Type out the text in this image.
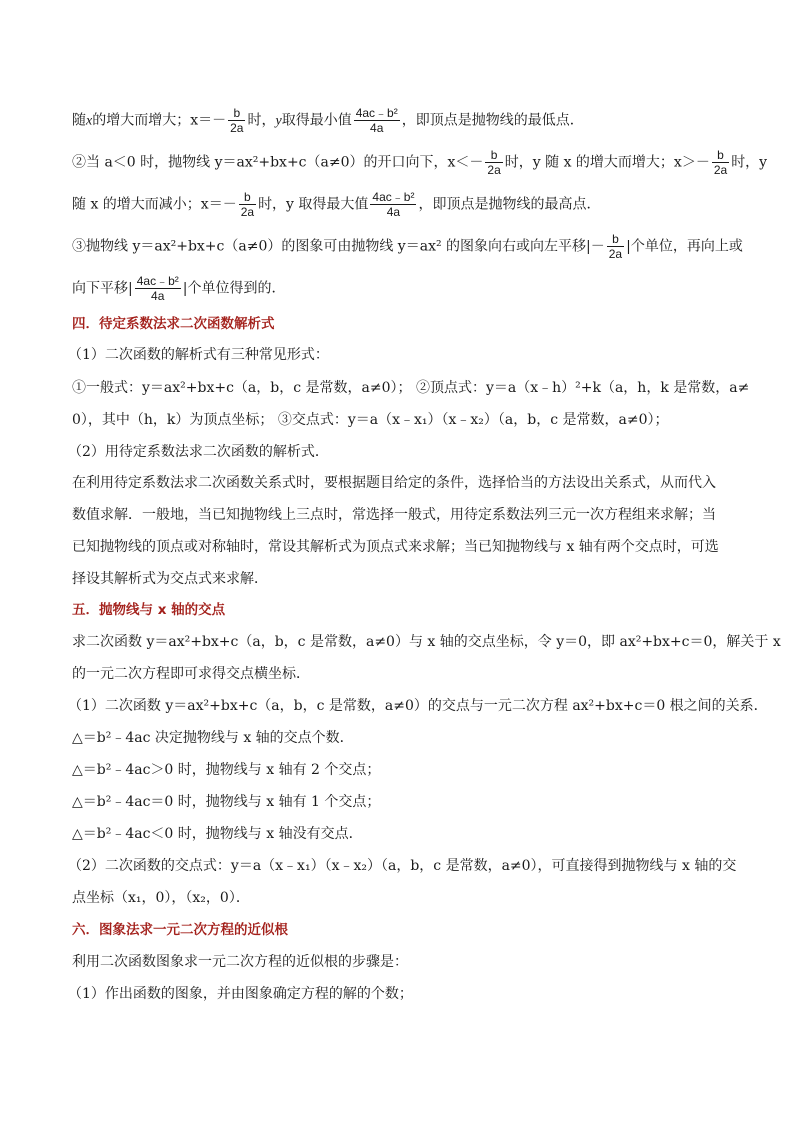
随x的增大而增大；$x=- \frac{b}{2a}$ 时，y取得最小值 $\frac{\text{4ac﹣b²}}{4a}$ ，即顶点是抛物线的最低点．
②当 a＜0 时，抛物线 y＝ax²+bx+c（a≠0）的开口向下，$x<- \frac{b}{2a}$ 时，y 随 x 的增大而增大；$x>- \frac{b}{2a}$ 时，y
随 x 的增大而减小；$x=- \frac{b}{2a}$ 时，y 取得最大值 $\frac{\text{4ac﹣b²}}{4a}$ ，即顶点是抛物线的最高点．
③抛物线 y＝ax²+bx+c（a≠0）的图象可由抛物线 y＝ax² 的图象向右或向左平移|－ $\frac{b}{2a}$ |个单位，再向上或
向下平移| $\frac{\text{4ac﹣b²}}{4a}$ |个单位得到的．
四．待定系数法求二次函数解析式
（1）二次函数的解析式有三种常见形式：
①一般式：y＝ax²+bx+c（a，b，c 是常数，a≠0）； ②顶点式：y＝a（x﹣h）²+k（a，h，k 是常数，a≠
0），其中（h，k）为顶点坐标； ③交点式：y＝a（x﹣x₁）（x﹣x₂）（a，b，c 是常数，a≠0）；
（2）用待定系数法求二次函数的解析式．
在利用待定系数法求二次函数关系式时，要根据题目给定的条件，选择恰当的方法设出关系式，从而代入
数值求解．一般地，当已知抛物线上三点时，常选择一般式，用待定系数法列三元一次方程组来求解；当
已知抛物线的顶点或对称轴时，常设其解析式为顶点式来求解；当已知抛物线与 x 轴有两个交点时，可选
择设其解析式为交点式来求解．
五．抛物线与 x 轴的交点
求二次函数 y＝ax²+bx+c（a，b，c 是常数，a≠0）与 x 轴的交点坐标，令 y＝0，即 ax²+bx+c＝0，解关于 x
的一元二次方程即可求得交点横坐标．
（1）二次函数 y＝ax²+bx+c（a，b，c 是常数，a≠0）的交点与一元二次方程 ax²+bx+c＝0 根之间的关系．
△＝b²﹣4ac 决定抛物线与 x 轴的交点个数．
△＝b²﹣4ac＞0 时，抛物线与 x 轴有 2 个交点；
△＝b²﹣4ac＝0 时，抛物线与 x 轴有 1 个交点；
△＝b²﹣4ac＜0 时，抛物线与 x 轴没有交点．
（2）二次函数的交点式：y＝a（x﹣x₁）（x﹣x₂）（a，b，c 是常数，a≠0），可直接得到抛物线与 x 轴的交
点坐标（x₁，0），（x₂，0）．
六．图象法求一元二次方程的近似根
利用二次函数图象求一元二次方程的近似根的步骤是：
（1）作出函数的图象，并由图象确定方程的解的个数；
